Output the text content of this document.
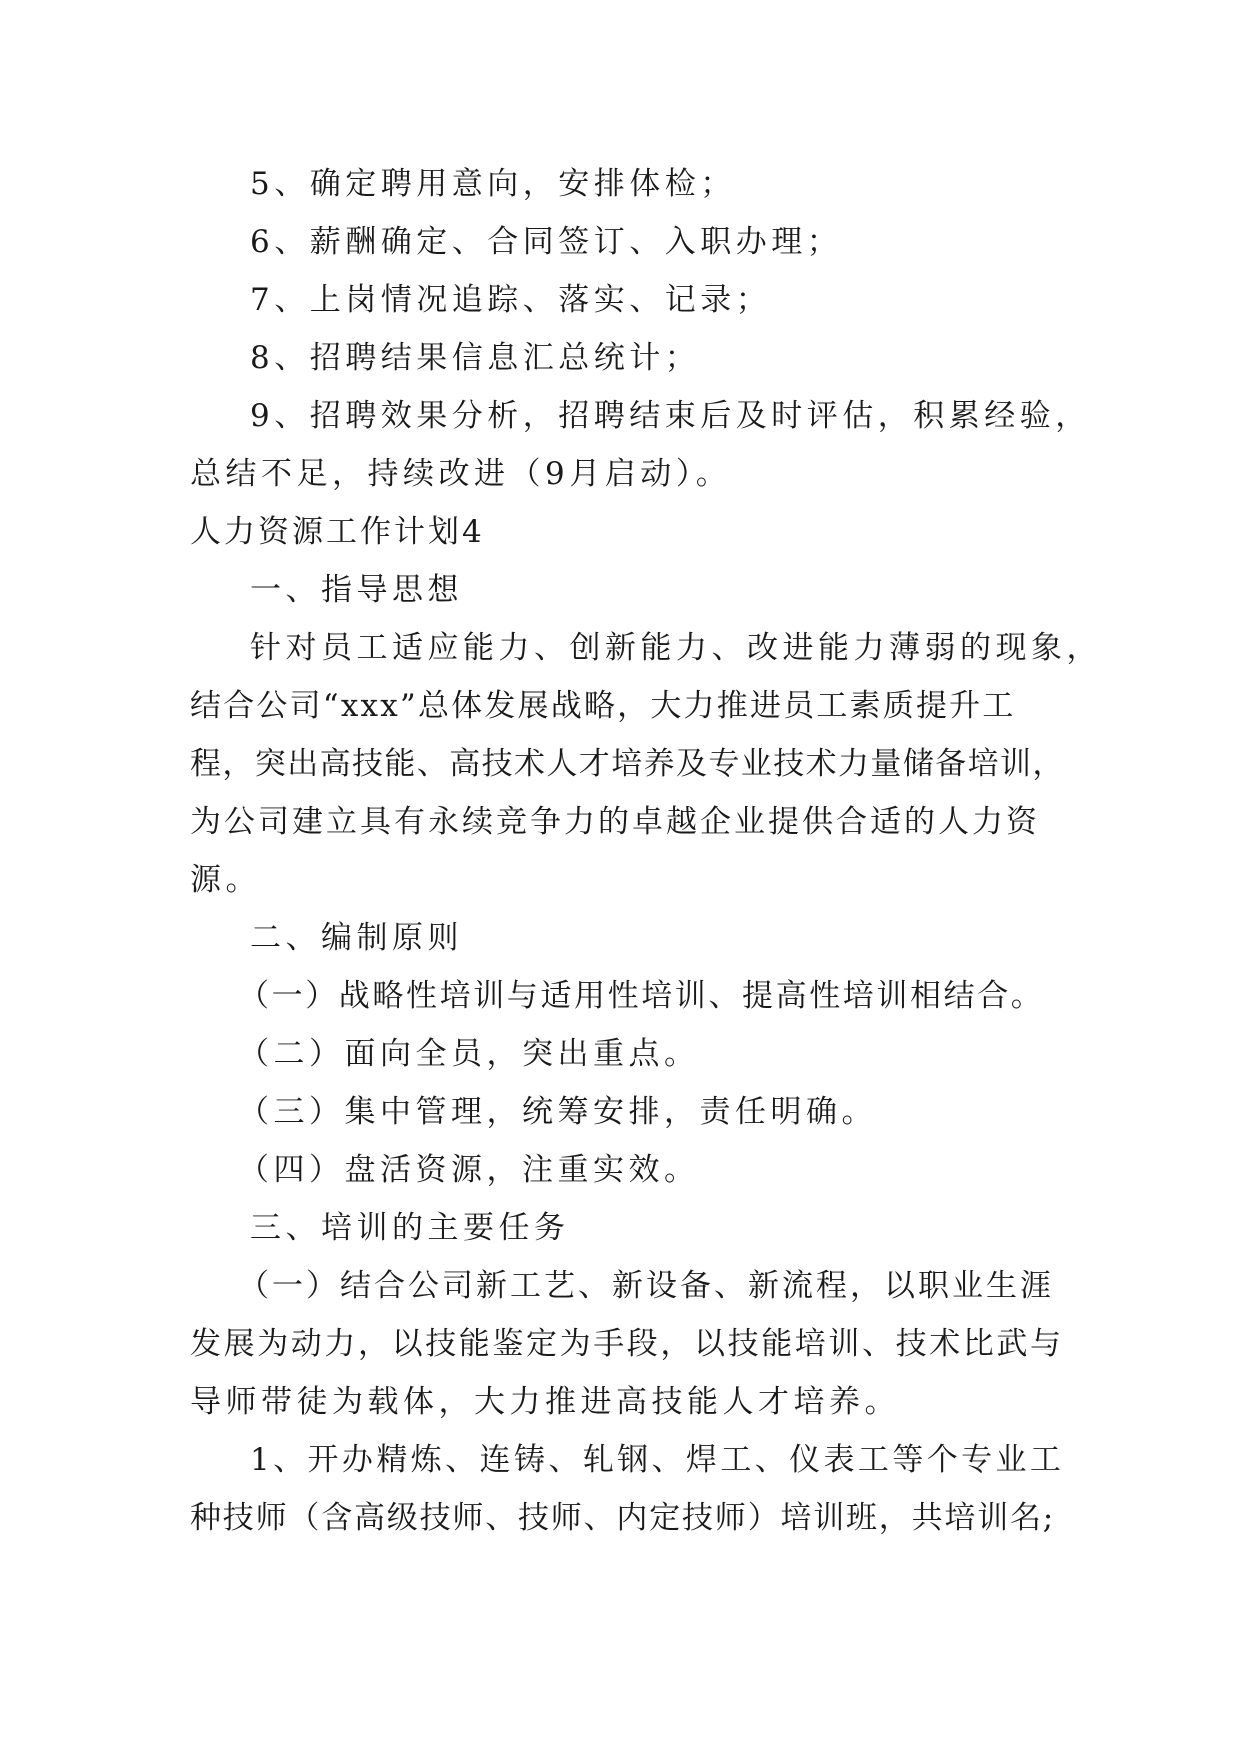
5、确定聘用意向，安排体检；
6、薪酬确定、合同签订、入职办理；
7、上岗情况追踪、落实、记录；
8、招聘结果信息汇总统计；
9、招聘效果分析，招聘结束后及时评估，积累经验，
总结不足，持续改进（9月启动）。
人力资源工作计划4
一、指导思想
针对员工适应能力、创新能力、改进能力薄弱的现象，
结合公司“xxx”总体发展战略，大力推进员工素质提升工
程，突出高技能、高技术人才培养及专业技术力量储备培训，
为公司建立具有永续竞争力的卓越企业提供合适的人力资
源。
二、编制原则
（一）战略性培训与适用性培训、提高性培训相结合。
（二）面向全员，突出重点。
（三）集中管理，统筹安排，责任明确。
（四）盘活资源，注重实效。
三、培训的主要任务
（一）结合公司新工艺、新设备、新流程，以职业生涯
发展为动力，以技能鉴定为手段，以技能培训、技术比武与
导师带徒为载体，大力推进高技能人才培养。
1、开办精炼、连铸、轧钢、焊工、仪表工等个专业工
种技师（含高级技师、技师、内定技师）培训班，共培训名;
